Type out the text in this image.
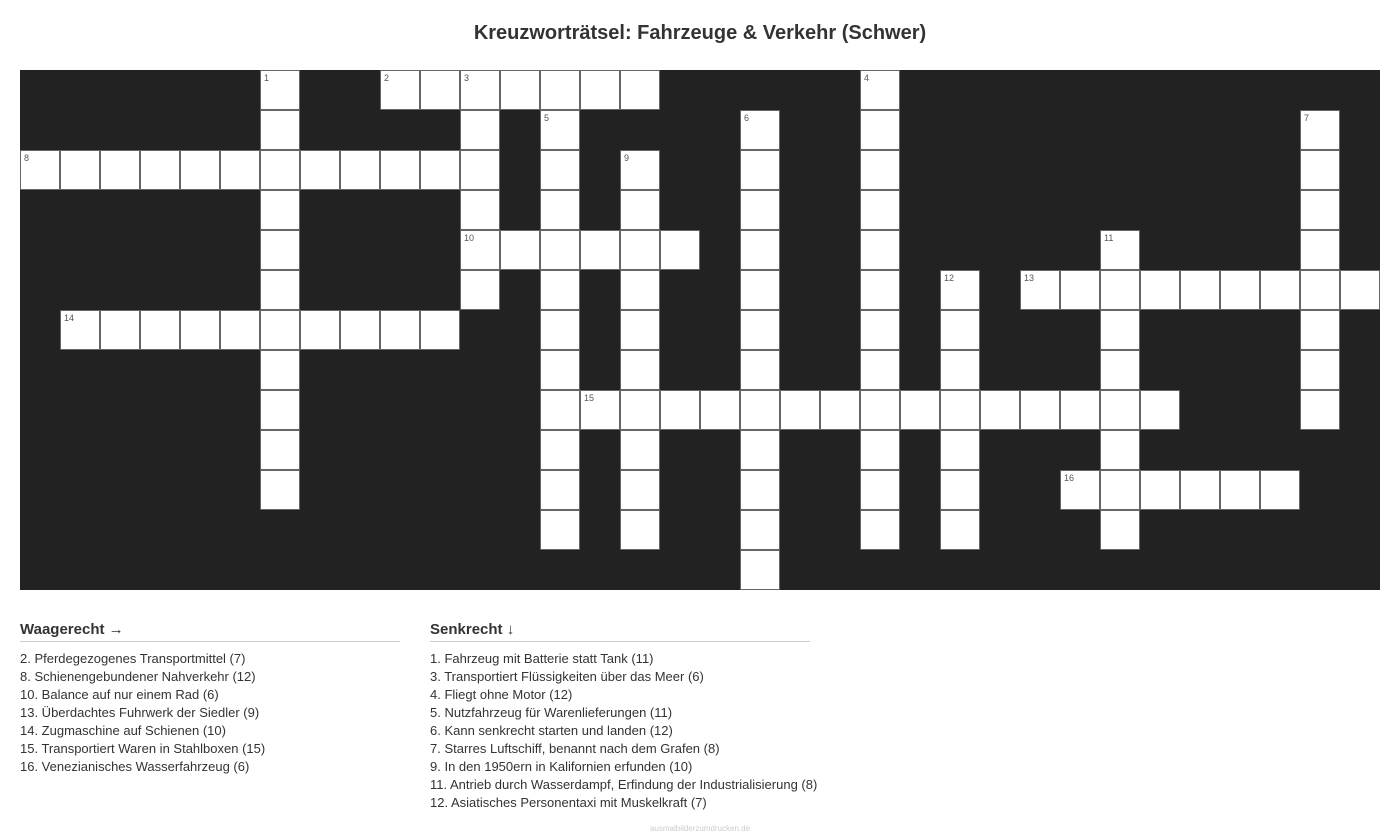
Kreuzworträtsel: Fahrzeuge & Verkehr (Schwer)
1	2	3	4
5	6	7
8	9
10	11
12	13
14
15
16
Waagerecht →
2. Pferdegezogenes Transportmittel (7)
8. Schienengebundener Nahverkehr (12)
10. Balance auf nur einem Rad (6)
13. Überdachtes Fuhrwerk der Siedler (9)
14. Zugmaschine auf Schienen (10)
15. Transportiert Waren in Stahlboxen (15)
16. Venezianisches Wasserfahrzeug (6)
Senkrecht ↓
1. Fahrzeug mit Batterie statt Tank (11)
3. Transportiert Flüssigkeiten über das Meer (6)
4. Fliegt ohne Motor (12)
5. Nutzfahrzeug für Warenlieferungen (11)
6. Kann senkrecht starten und landen (12)
7. Starres Luftschiff, benannt nach dem Grafen (8)
9. In den 1950ern in Kalifornien erfunden (10)
11. Antrieb durch Wasserdampf, Erfindung der Industrialisierung (8)
12. Asiatisches Personentaxi mit Muskelkraft (7)
ausmalbilderzumdrucken.de
